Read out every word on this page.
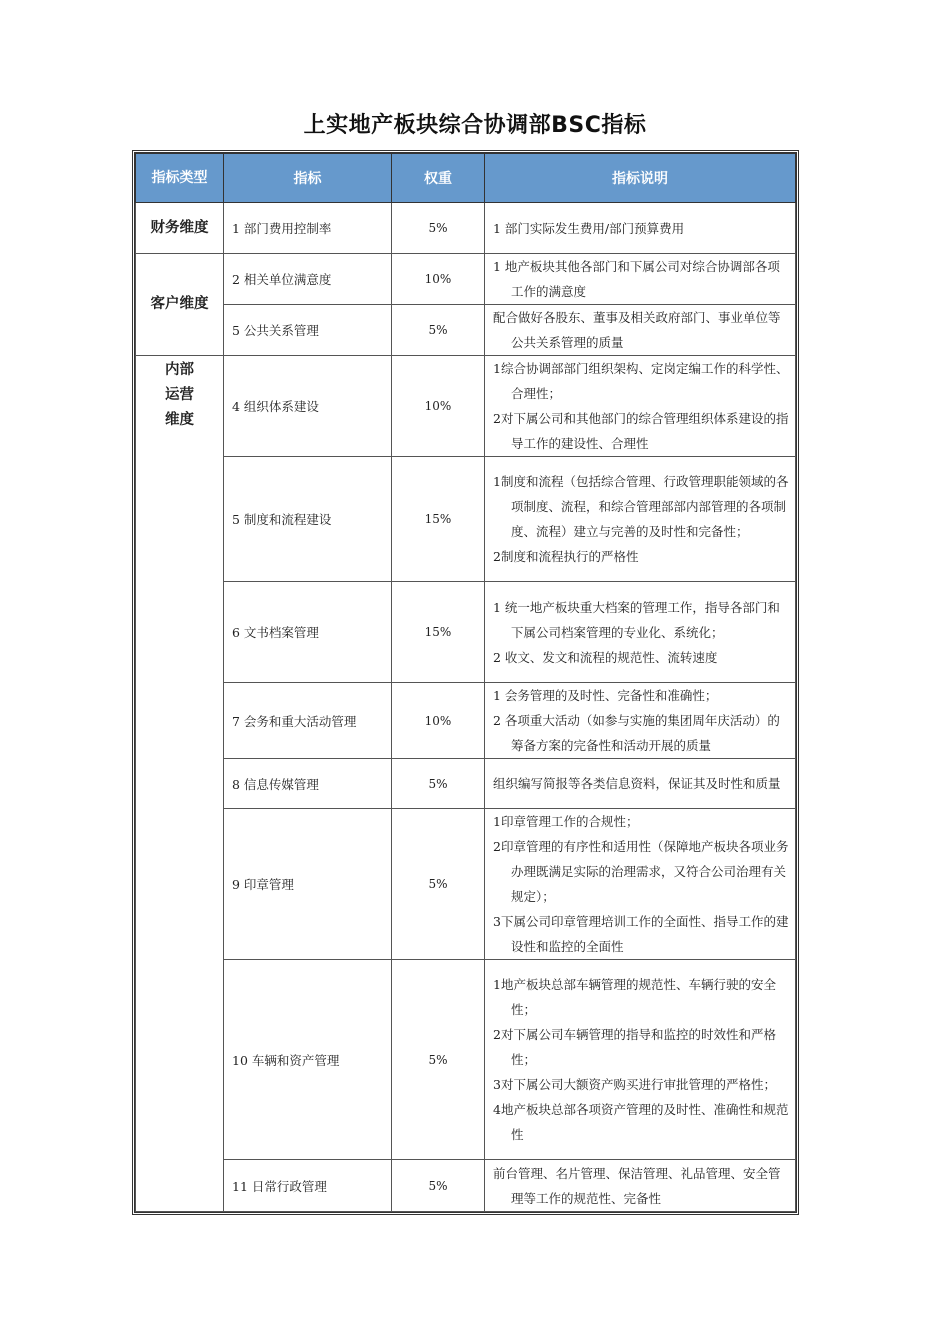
上实地产板块综合协调部BSC指标
指标类型	指标	权重	指标说明
财务维度	1 部门费用控制率	5%	1 部门实际发生费用/部门预算费用

客户维度	2 相关单位满意度	10%	1 地产板块其他各部门和下属公司对综合协调部各项工作的满意度

	5 公共关系管理	5%	配合做好各股东、董事及相关政府部门、事业单位等公共关系管理的质量

内部运营维度	4 组织体系建设	10%	1综合协调部部门组织架构、定岗定编工作的科学性、合理性；
2对下属公司和其他部门的综合管理组织体系建设的指导工作的建设性、合理性

	5 制度和流程建设	15%	1制度和流程（包括综合管理、行政管理职能领域的各项制度、流程，和综合管理部部内部管理的各项制度、流程）建立与完善的及时性和完备性；
2制度和流程执行的严格性

	6 文书档案管理	15%	1 统一地产板块重大档案的管理工作，指导各部门和下属公司档案管理的专业化、系统化；
2 收文、发文和流程的规范性、流转速度

	7 会务和重大活动管理	10%	1 会务管理的及时性、完备性和准确性；
2 各项重大活动（如参与实施的集团周年庆活动）的筹备方案的完备性和活动开展的质量

	8 信息传媒管理	5%	组织编写简报等各类信息资料，保证其及时性和质量

	9 印章管理	5%	1印章管理工作的合规性；
2印章管理的有序性和适用性（保障地产板块各项业务办理既满足实际的治理需求，又符合公司治理有关规定）；
3下属公司印章管理培训工作的全面性、指导工作的建设性和监控的全面性

	10 车辆和资产管理	5%	1地产板块总部车辆管理的规范性、车辆行驶的安全性；
2对下属公司车辆管理的指导和监控的时效性和严格性；
3对下属公司大额资产购买进行审批管理的严格性；
4地产板块总部各项资产管理的及时性、准确性和规范性

	11 日常行政管理	5%	前台管理、名片管理、保洁管理、礼品管理、安全管理等工作的规范性、完备性
